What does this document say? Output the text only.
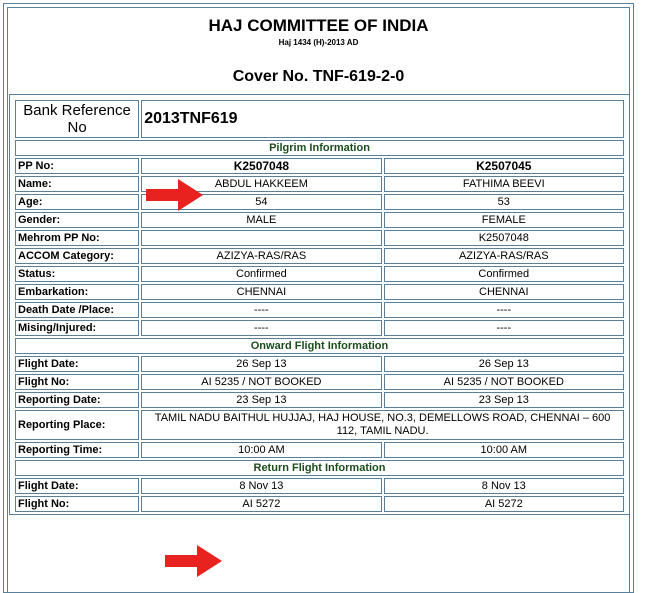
HAJ COMMITTEE OF INDIA
Haj 1434 (H)-2013 AD
Cover No. TNF-619-2-0
Bank Reference No	2013TNF619	
Pilgrim Information		
PP No:	K2507048	K2507045
Name:	ABDUL HAKKEEM	FATHIMA BEEVI
Age:	54	53
Gender:	MALE	FEMALE
Mehrom PP No:		K2507048
ACCOM Category:	AZIZYA-RAS/RAS	AZIZYA-RAS/RAS
Status:	Confirmed	Confirmed
Embarkation:	CHENNAI	CHENNAI
Death Date /Place:	----	----
Mising/Injured:	----	----
Onward Flight Information		
Flight Date:	26 Sep 13	26 Sep 13
Flight No:	AI 5235 / NOT BOOKED	AI 5235 / NOT BOOKED
Reporting Date:	23 Sep 13	23 Sep 13
Reporting Place:	TAMIL NADU BAITHUL HUJJAJ, HAJ HOUSE, NO.3, DEMELLOWS ROAD, CHENNAI – 600 112, TAMIL NADU.	
Reporting Time:	10:00 AM	10:00 AM
Return Flight Information		
Flight Date:	8 Nov 13	8 Nov 13
Flight No:	AI 5272	AI 5272
